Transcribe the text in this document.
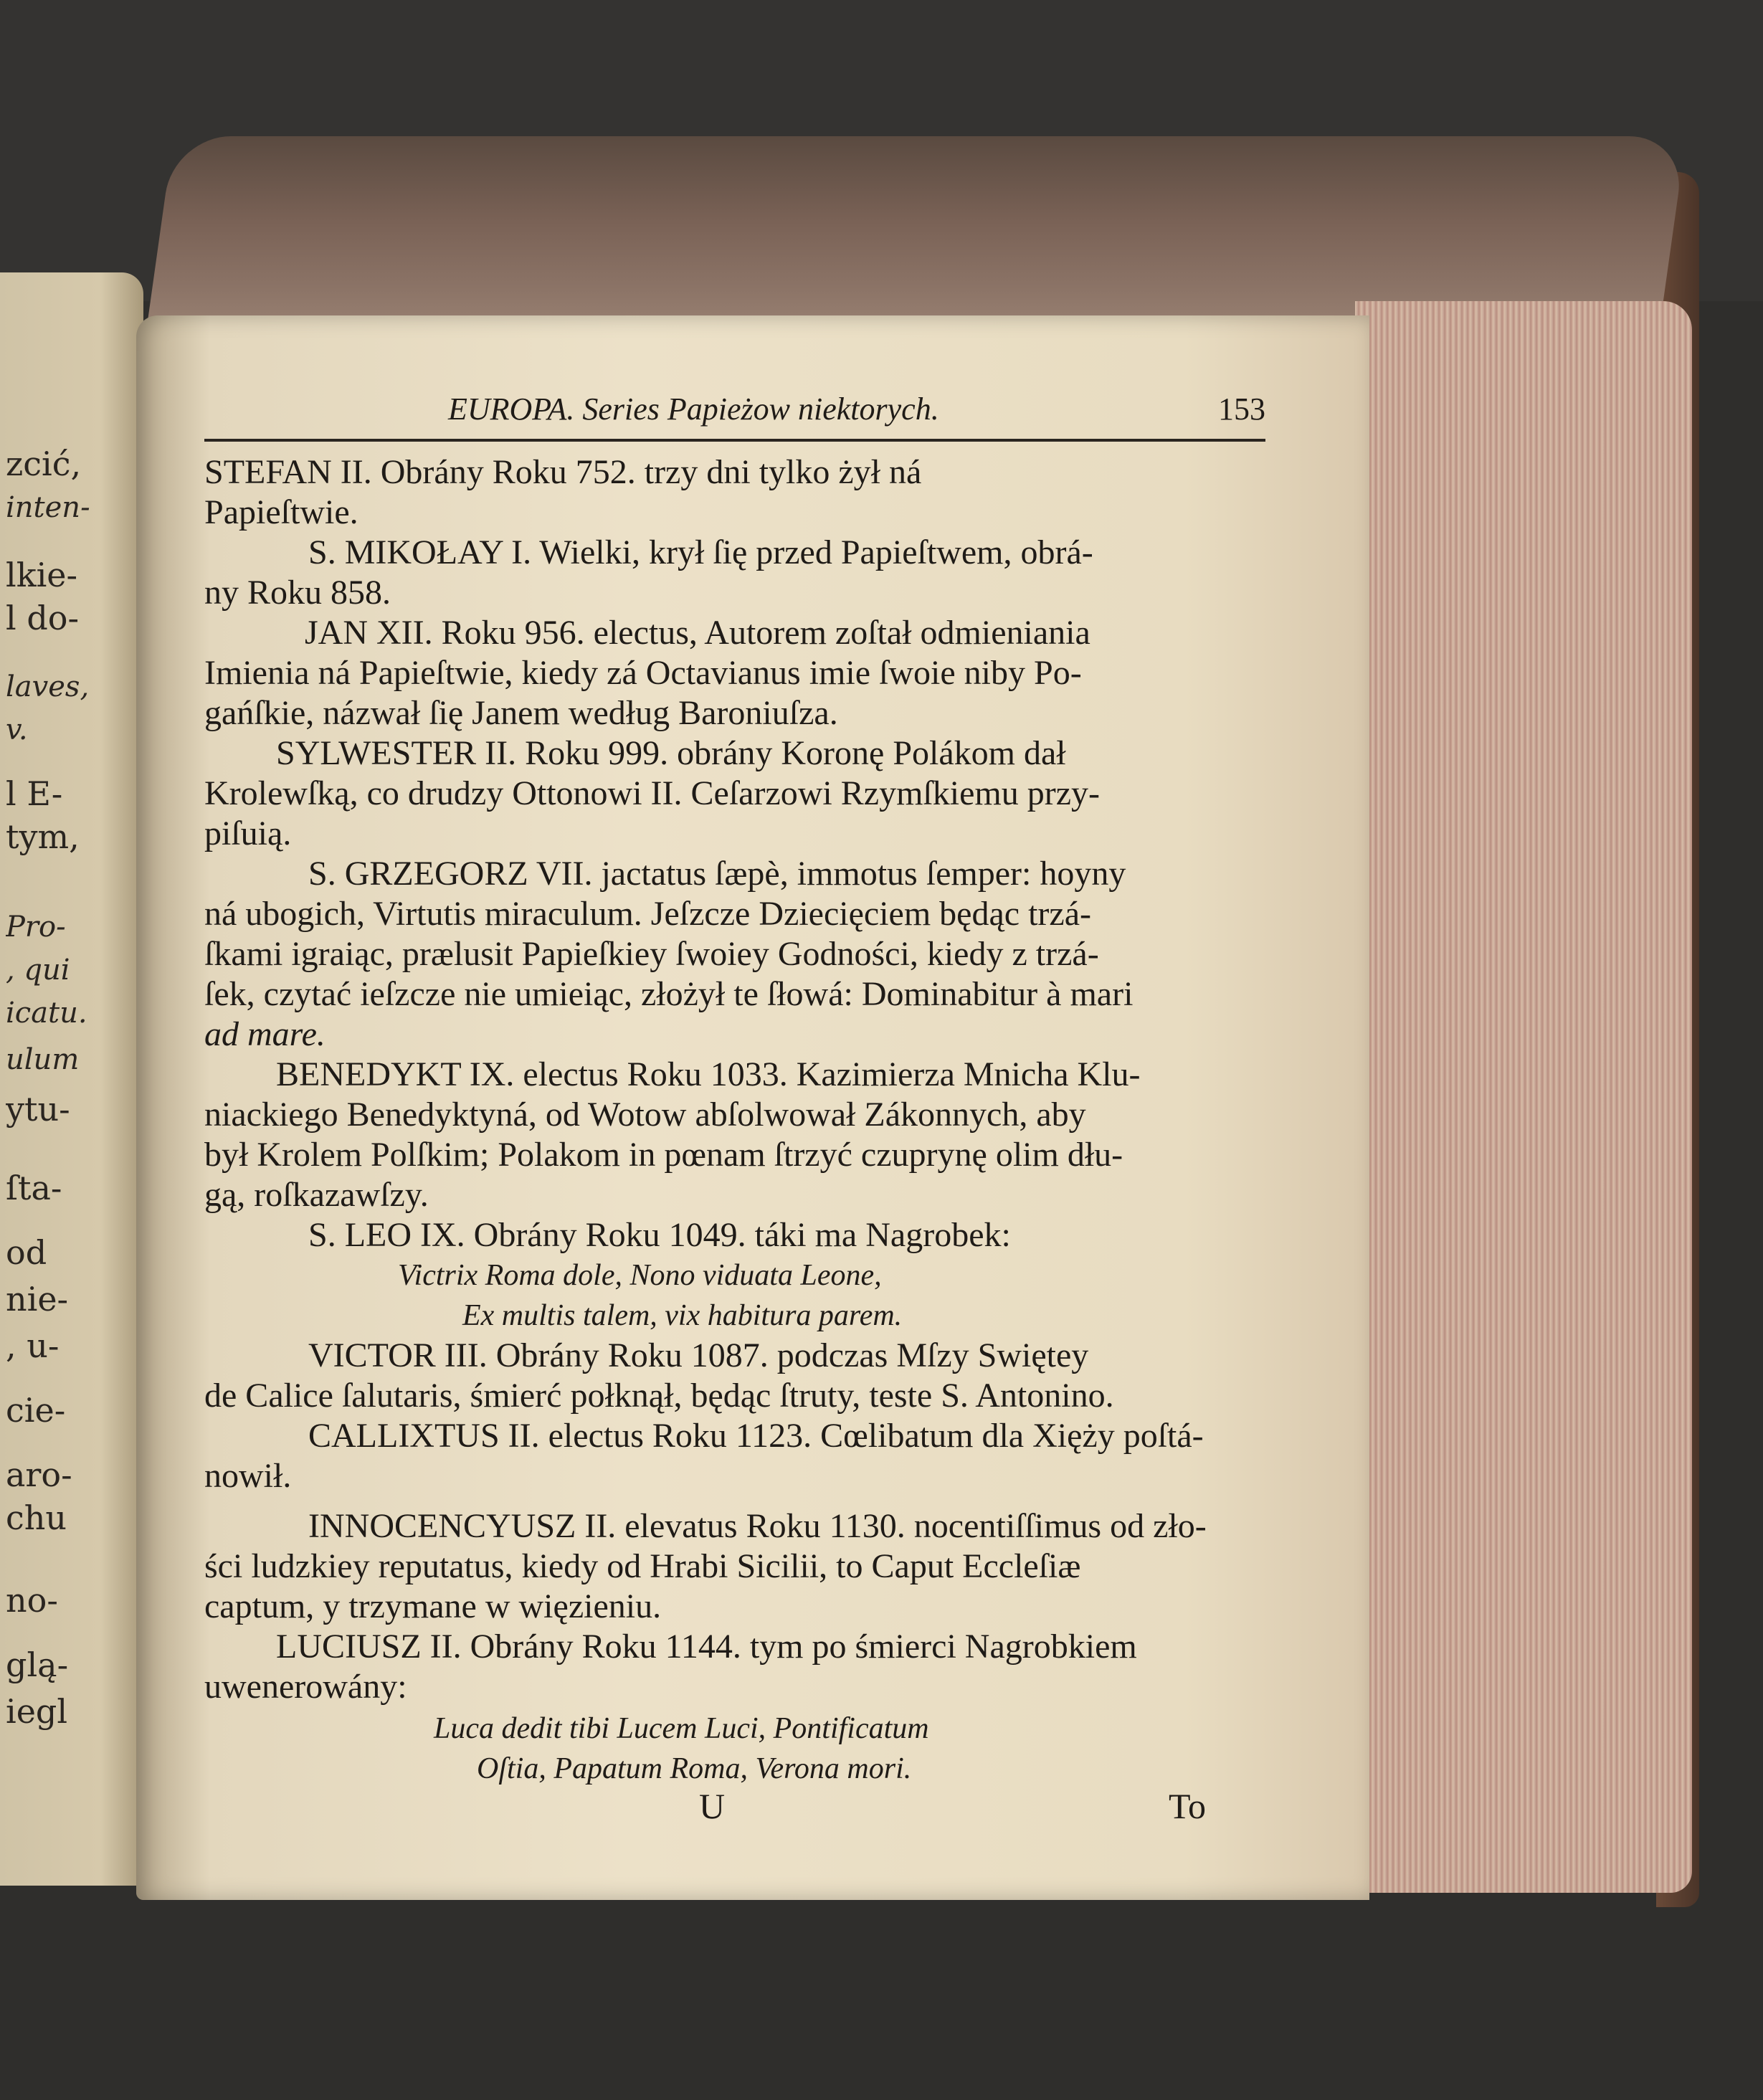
zcić,
inten-
lkie-
l do-
laves,
v.
l E-
tym,
Pro-
, qui
icatu.
ulum
ytu-
ſta-
od
nie-
, u-
cie-
aro-
chu
no-
glą-
iegl
EUROPA. Series Papieżow niektorych.	153
STEFAN II. Obrány Roku 752. trzy dni tylko żył ná
Papieſtwie.
S. MIKOŁAY I. Wielki, krył ſię przed Papieſtwem, obrá-
ny Roku 858.
JAN XII. Roku 956. electus, Autorem zoſtał odmieniania
Imienia ná Papieſtwie, kiedy zá Octavianus imie ſwoie niby Po-
gańſkie, názwał ſię Janem według Baroniuſza.
SYLWESTER II. Roku 999. obrány Koronę Polákom dał
Krolewſką, co drudzy Ottonowi II. Ceſarzowi Rzymſkiemu przy-
piſuią.
S. GRZEGORZ VII. jactatus ſæpè, immotus ſemper: hoyny
ná ubogich, Virtutis miraculum. Jeſzcze Dziecięciem będąc trzá-
ſkami igraiąc, prælusit Papieſkiey ſwoiey Godności, kiedy z trzá-
ſek, czytać ieſzcze nie umieiąc, złożył te ſłowá: Dominabitur à mari
ad mare.
BENEDYKT IX. electus Roku 1033. Kazimierza Mnicha Klu-
niackiego Benedyktyná, od Wotow abſolwował Zákonnych, aby
był Krolem Polſkim; Polakom in pœnam ſtrzyć czuprynę olim dłu-
gą, roſkazawſzy.
S. LEO IX. Obrány Roku 1049. táki ma Nagrobek:
Victrix Roma dole, Nono viduata Leone,
Ex multis talem, vix habitura parem.
VICTOR III. Obrány Roku 1087. podczas Mſzy Swiętey
de Calice ſalutaris, śmierć połknął, będąc ſtruty, teste S. Antonino.
CALLIXTUS II. electus Roku 1123. Cœlibatum dla Xięży poſtá-
nowił.
INNOCENCYUSZ II. elevatus Roku 1130. nocentiſſimus od zło-
ści ludzkiey reputatus, kiedy od Hrabi Sicilii, to Caput Eccleſiæ
captum, y trzymane w więzieniu.
LUCIUSZ II. Obrány Roku 1144. tym po śmierci Nagrobkiem
uwenerowány:
Luca dedit tibi Lucem Luci, Pontificatum
Oſtia, Papatum Roma, Verona mori.
U	To
